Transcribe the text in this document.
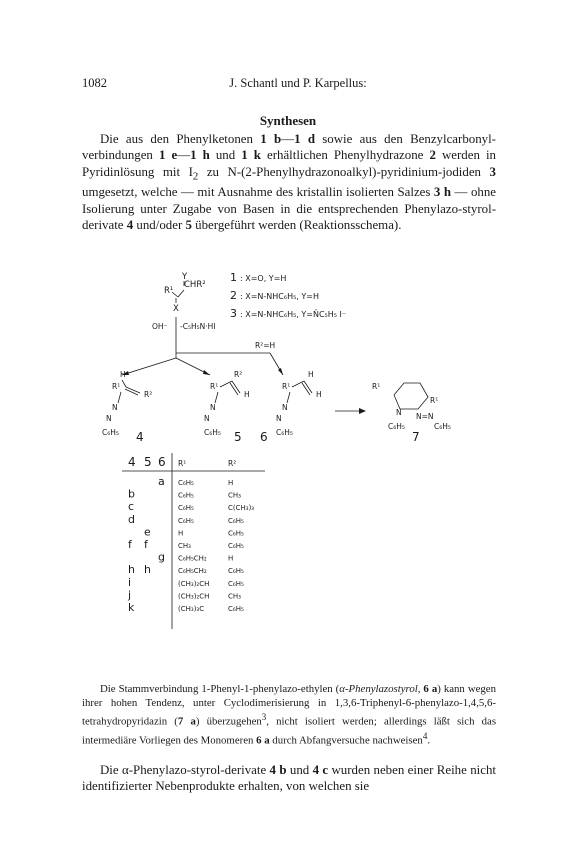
1082	J. Schantl und P. Karpellus:
Synthesen
Die aus den Phenylketonen 1 b—1 d sowie aus den Benzylcarbonyl-verbindungen 1 e—1 h und 1 k erhältlichen Phenylhydrazone 2 werden in Pyridinlösung mit $I_2$ zu N-(2-Phenylhydrazonoalkyl)-pyridinium-jodiden 3 umgesetzt, welche — mit Ausnahme des kristallin isolierten Salzes 3 h — ohne Isolierung unter Zugabe von Basen in die entsprechenden Phenylazo-styrol-derivate 4 und/oder 5 übergeführt werden (Reaktionsschema).
Y
R¹
CHR²
X
1 : X=O, Y=H
2 : X=N-NHC₆H₅, Y=H
3 : X=N-NHC₆H₅, Y=N̈C₅H₅ I⁻
OH⁻ -C₅H₅N·HI
R²=H
H
R¹
R²
N
N
C₆H₅ 4
R²
R¹
H
N
N
C₆H₅ 5
H
R¹
H
N
N
C₆H₅
6
R¹
N
R¹
N=N
C₆H₅	C₆H₅
7
4 5 6 R¹	R²
a C₆H₅	H
b	C₆H₅	CH₃
c	C₆H₅	C(CH₃)₃
d	C₆H₅	C₆H₅
e	H	C₆H₅
f f	CH₃	C₆H₅
g C₆H₅CH₂	H
h h	C₆H₅CH₂	C₆H₅
i	(CH₃)₂CH	C₆H₅
j	(CH₃)₂CH	CH₃
k	(CH₃)₃C	C₆H₅
Die Stammverbindung 1-Phenyl-1-phenylazo-ethylen (α-Phenylazostyrol, 6 a) kann wegen ihrer hohen Tendenz, unter Cyclodimerisierung in 1,3,6-Triphenyl-6-phenylazo-1,4,5,6-tetrahydropyridazin (7 a) überzugehen$^3$, nicht isoliert werden; allerdings läßt sich das intermediäre Vorliegen des Monomeren 6 a durch Abfangversuche nachweisen$^4$.
Die α-Phenylazo-styrol-derivate 4 b und 4 c wurden neben einer Reihe nicht identifizierter Nebenprodukte erhalten, von welchen sie
